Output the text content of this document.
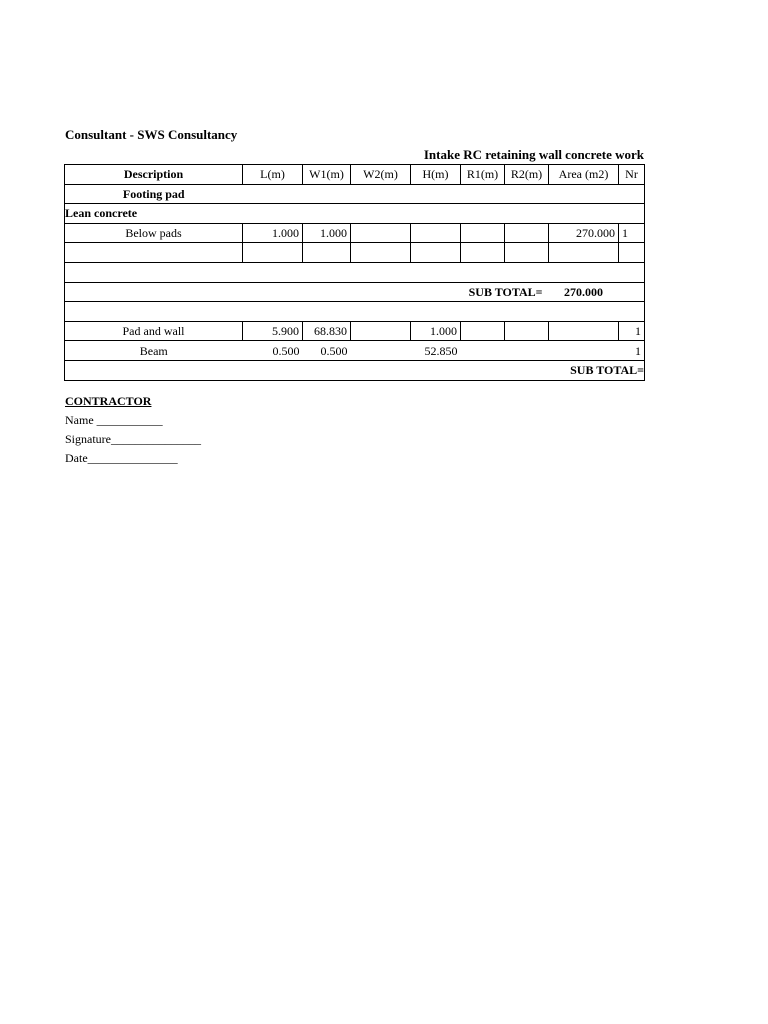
Consultant - SWS Consultancy
Intake RC retaining wall concrete work
Description	L(m)	W1(m)	W2(m)	H(m)	R1(m)	R2(m)	Area (m2)	Nr
Footing pad								
Lean concrete								
Below pads	1.000	1.000					270.000	1

				SUB TOTAL=			270.000	

Pad and wall	5.900	68.830		1.000				1
Beam	0.500	0.500		52.850				1
							SUB TOTAL=	
CONTRACTOR
Name ___________
Signature_______________
Date_______________
